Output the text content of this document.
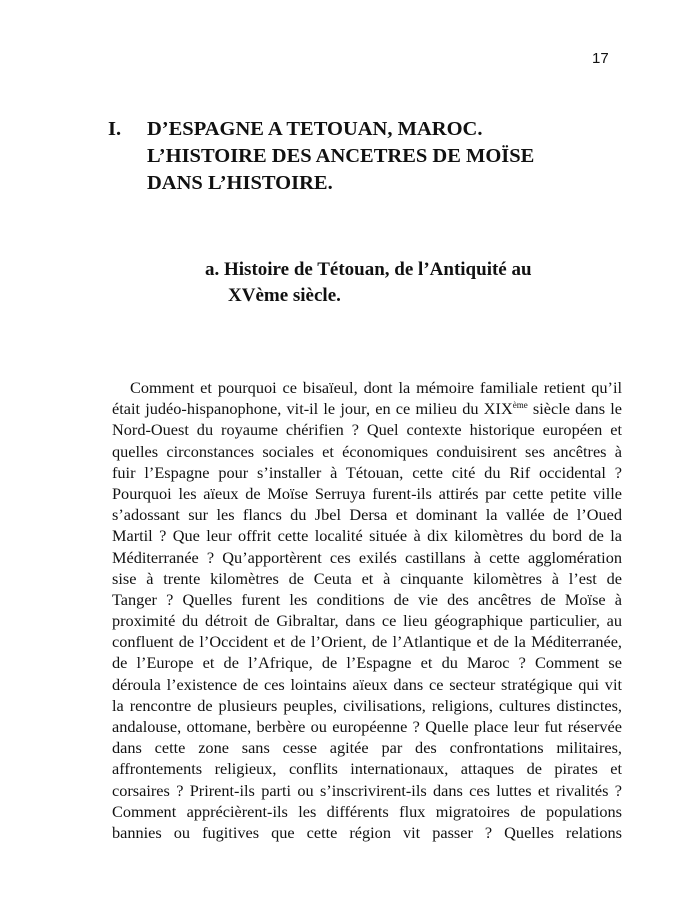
17
I. D’ESPAGNE A TETOUAN, MAROC.
L’HISTOIRE DES ANCETRES DE MOÏSE
DANS L’HISTOIRE.
a. Histoire de Tétouan, de l’Antiquité au
XVème siècle.
Comment et pourquoi ce bisaïeul, dont la mémoire familiale retient qu’il
était judéo-hispanophone, vit-il le jour, en ce milieu du XIXème siècle dans le
Nord-Ouest du royaume chérifien ? Quel contexte historique européen et
quelles circonstances sociales et économiques conduisirent ses ancêtres à
fuir l’Espagne pour s’installer à Tétouan, cette cité du Rif occidental ?
Pourquoi les aïeux de Moïse Serruya furent-ils attirés par cette petite ville
s’adossant sur les flancs du Jbel Dersa et dominant la vallée de l’Oued
Martil ? Que leur offrit cette localité située à dix kilomètres du bord de la
Méditerranée ? Qu’apportèrent ces exilés castillans à cette agglomération
sise à trente kilomètres de Ceuta et à cinquante kilomètres à l’est de
Tanger ? Quelles furent les conditions de vie des ancêtres de Moïse à
proximité du détroit de Gibraltar, dans ce lieu géographique particulier, au
confluent de l’Occident et de l’Orient, de l’Atlantique et de la Méditerranée,
de l’Europe et de l’Afrique, de l’Espagne et du Maroc ? Comment se
déroula l’existence de ces lointains aïeux dans ce secteur stratégique qui vit
la rencontre de plusieurs peuples, civilisations, religions, cultures distinctes,
andalouse, ottomane, berbère ou européenne ? Quelle place leur fut réservée
dans cette zone sans cesse agitée par des confrontations militaires,
affrontements religieux, conflits internationaux, attaques de pirates et
corsaires ? Prirent-ils parti ou s’inscrivirent-ils dans ces luttes et rivalités ?
Comment apprécièrent-ils les différents flux migratoires de populations
bannies ou fugitives que cette région vit passer ? Quelles relations
